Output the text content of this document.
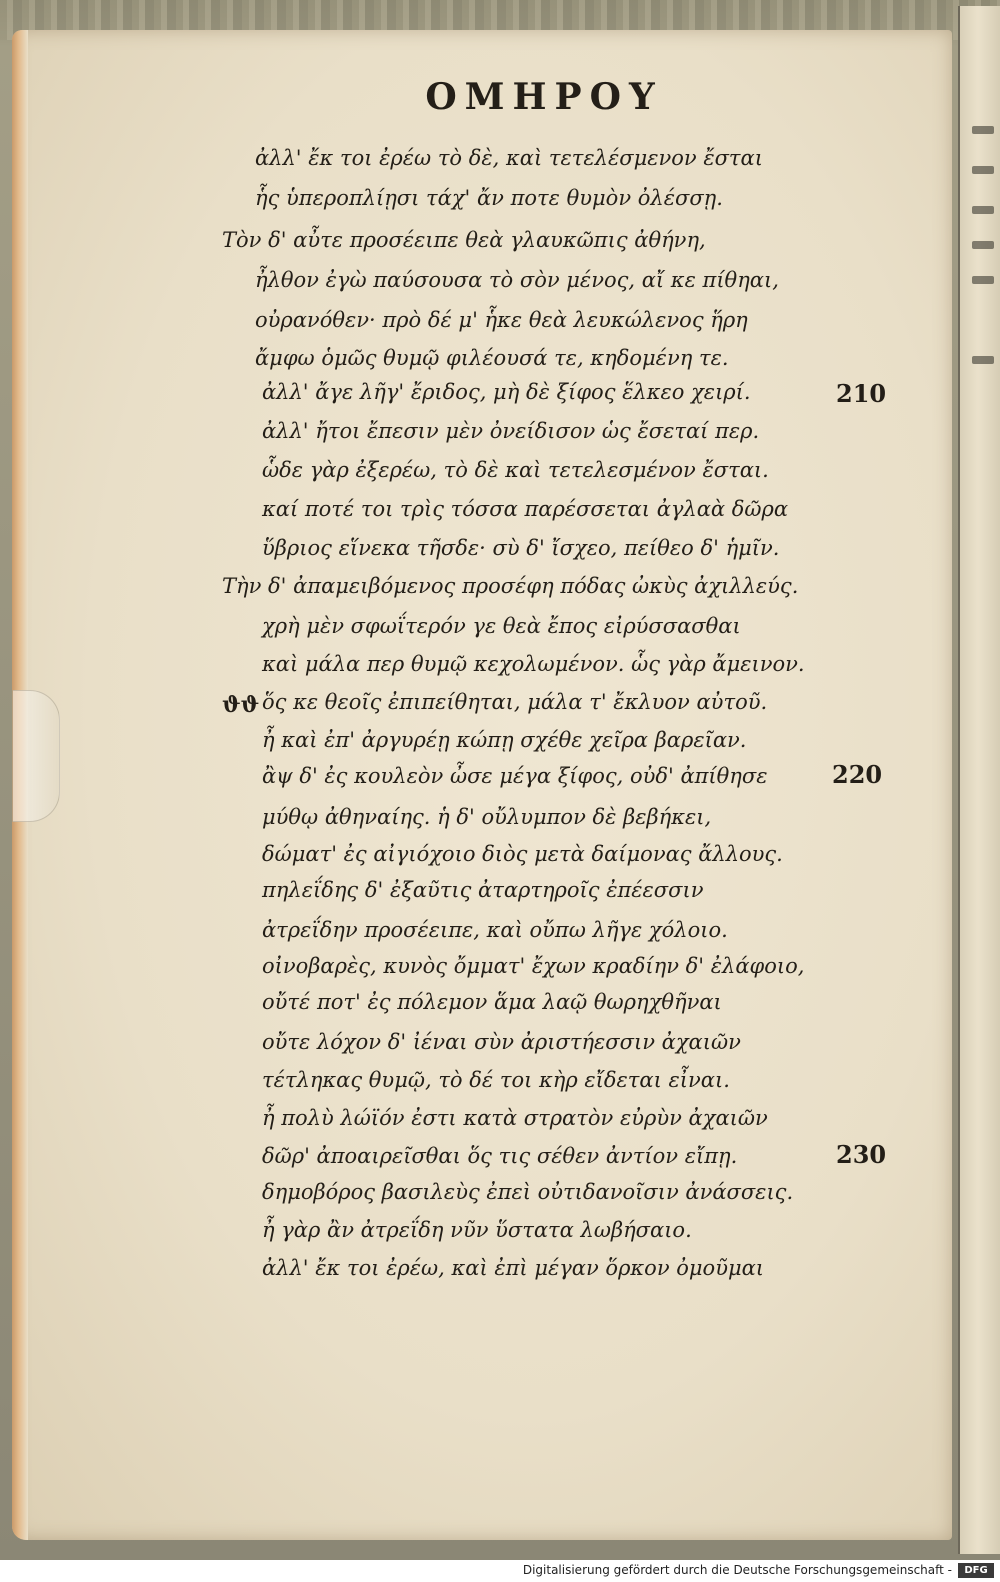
OMHPOY
ἀλλ' ἔκ τοι ἐρέω τὸ δὲ, καὶ τετελέσμενον ἔσται
ἧς ὑπεροπλίῃσι τάχ' ἄν ποτε θυμὸν ὀλέσσῃ.
Τὸν δ' αὖτε προσέειπε θεὰ γλαυκῶπις ἀθήνη,
ἦλθον ἐγὼ παύσουσα τὸ σὸν μένος, αἴ κε πίθηαι,
οὐρανόθεν· πρὸ δέ μ' ἧκε θεὰ λευκώλενος ἥρη
ἄμφω ὁμῶς θυμῷ φιλέουσά τε, κηδομένη τε.
ἀλλ' ἄγε λῆγ' ἔριδος, μὴ δὲ ξίφος ἕλκεο χειρί.	210
ἀλλ' ἤτοι ἔπεσιν μὲν ὀνείδισον ὡς ἔσεταί περ.
ὧδε γὰρ ἐξερέω, τὸ δὲ καὶ τετελεσμένον ἔσται.
καί ποτέ τοι τρὶς τόσσα παρέσσεται ἀγλαὰ δῶρα
ὕβριος εἵνεκα τῆσδε· σὺ δ' ἴσχεο, πείθεο δ' ἡμῖν.
Τὴν δ' ἀπαμειβόμενος προσέφη πόδας ὠκὺς ἀχιλλεύς.
χρὴ μὲν σφωΐτερόν γε θεὰ ἔπος εἰρύσσασθαι
καὶ μάλα περ θυμῷ κεχολωμένον. ὧς γὰρ ἄμεινον.
ϑϑ ὅς κε θεοῖς ἐπιπείθηται, μάλα τ' ἔκλυον αὐτοῦ.
ἦ καὶ ἐπ' ἀργυρέῃ κώπῃ σχέθε χεῖρα βαρεῖαν.
ἂψ δ' ἐς κουλεὸν ὦσε μέγα ξίφος, οὐδ' ἀπίθησε	220
μύθῳ ἀθηναίης. ἡ δ' οὔλυμπον δὲ βεβήκει,
δώματ' ἐς αἰγιόχοιο διὸς μετὰ δαίμονας ἄλλους.
πηλεΐδης δ' ἐξαῦτις ἀταρτηροῖς ἐπέεσσιν
ἀτρεΐδην προσέειπε, καὶ οὔπω λῆγε χόλοιο.
οἰνοβαρὲς, κυνὸς ὄμματ' ἔχων κραδίην δ' ἐλάφοιο,
οὔτέ ποτ' ἐς πόλεμον ἅμα λαῷ θωρηχθῆναι
οὔτε λόχον δ' ἰέναι σὺν ἀριστήεσσιν ἀχαιῶν
τέτληκας θυμῷ, τὸ δέ τοι κὴρ εἴδεται εἶναι.
ἦ πολὺ λώϊόν ἐστι κατὰ στρατὸν εὐρὺν ἀχαιῶν
δῶρ' ἀποαιρεῖσθαι ὅς τις σέθεν ἀντίον εἴπῃ.	230
δημοβόρος βασιλεὺς ἐπεὶ οὐτιδανοῖσιν ἀνάσσεις.
ἦ γὰρ ἂν ἀτρεΐδη νῦν ὕστατα λωβήσαιο.
ἀλλ' ἔκ τοι ἐρέω, καὶ ἐπὶ μέγαν ὅρκον ὀμοῦμαι
Digitalisierung gefördert durch die Deutsche Forschungsgemeinschaft -	DFG
